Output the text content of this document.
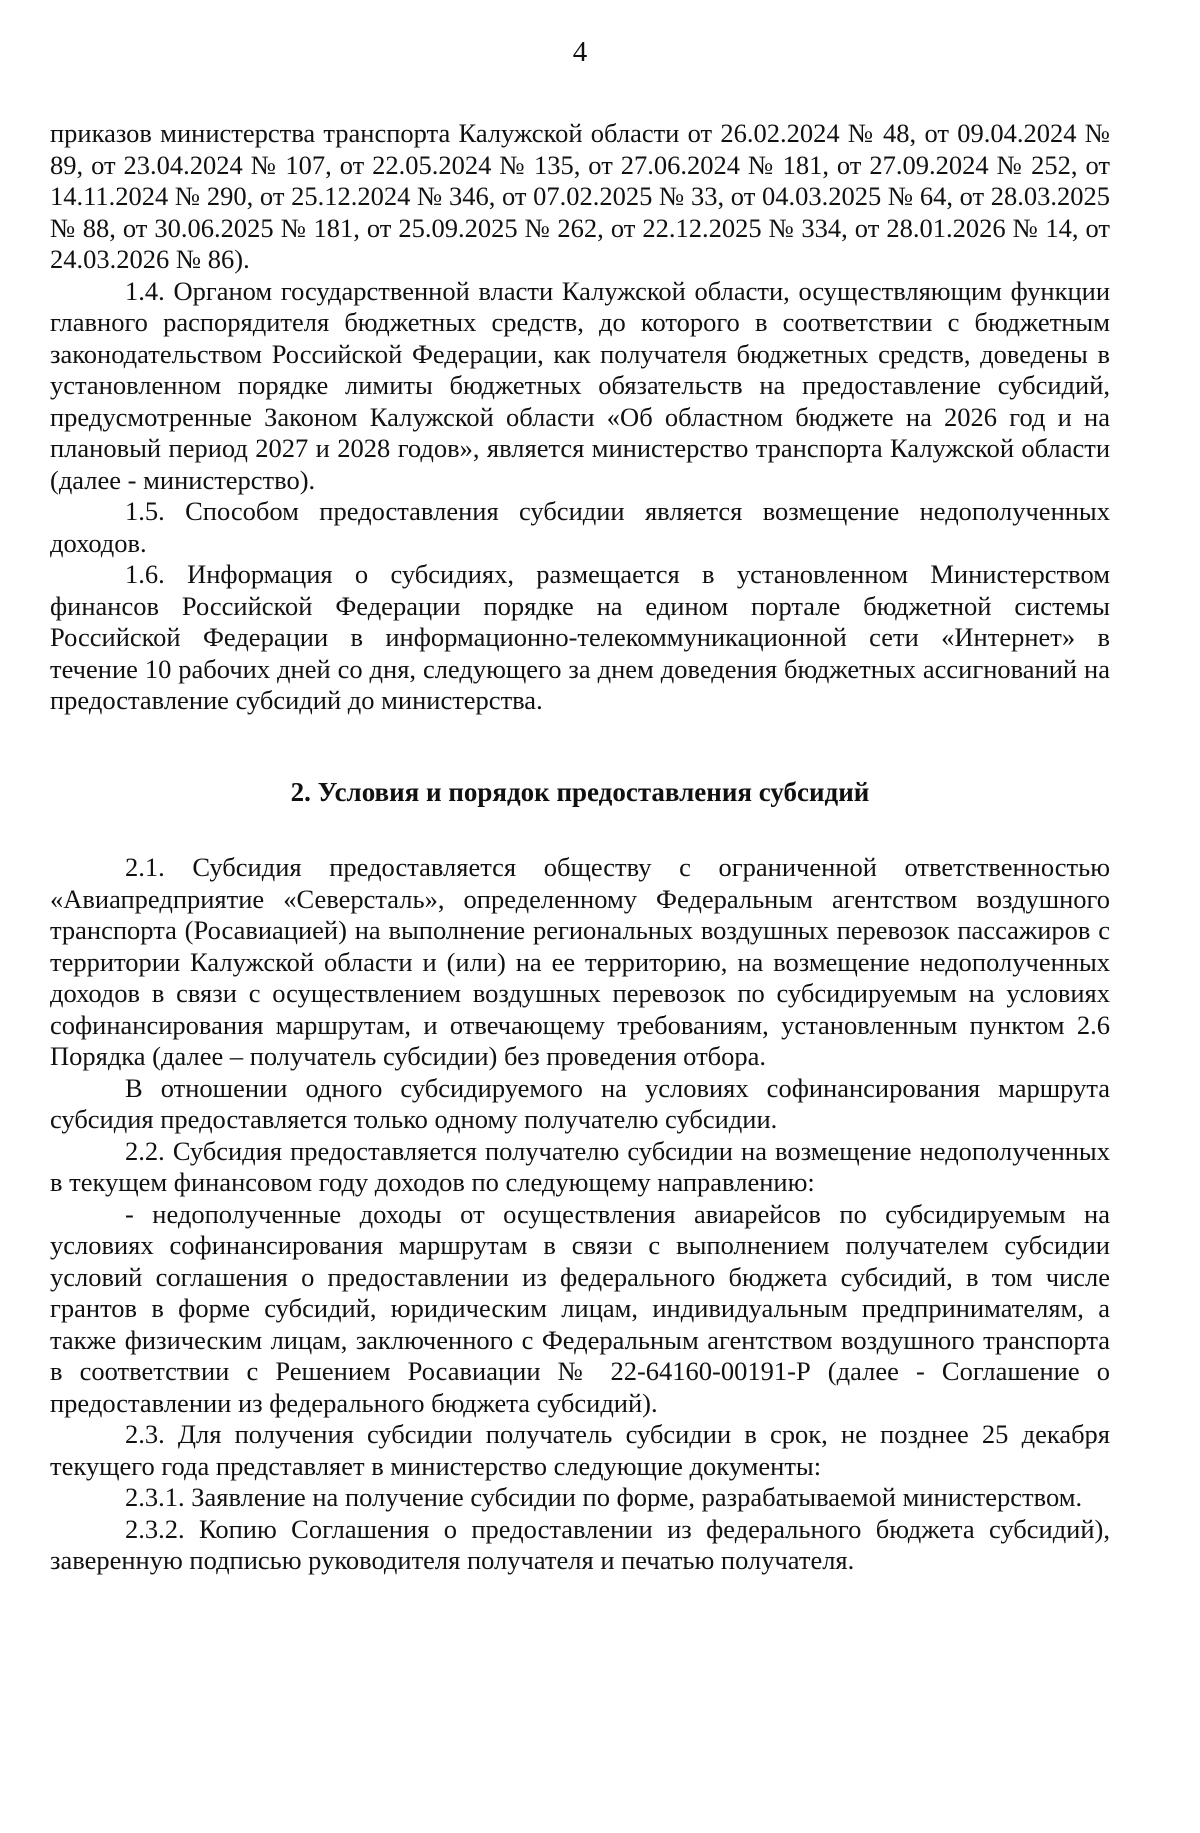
4

приказов министерства транспорта Калужской области от 26.02.2024 № 48, от 09.04.2024 № 89, от 23.04.2024 № 107, от 22.05.2024 № 135, от 27.06.2024 № 181, от 27.09.2024 № 252, от 14.11.2024 № 290, от 25.12.2024 № 346, от 07.02.2025 № 33, от 04.03.2025 № 64, от 28.03.2025 № 88, от 30.06.2025 № 181, от 25.09.2025 № 262, от 22.12.2025 № 334, от 28.01.2026 № 14, от 24.03.2026 № 86).

1.4. Органом государственной власти Калужской области, осуществляющим функции главного распорядителя бюджетных средств, до которого в соответствии с бюджетным законодательством Российской Федерации, как получателя бюджетных средств, доведены в установленном порядке лимиты бюджетных обязательств на предоставление субсидий, предусмотренные Законом Калужской области «Об областном бюджете на 2026 год и на плановый период 2027 и 2028 годов», является министерство транспорта Калужской области (далее - министерство).

1.5. Способом предоставления субсидии является возмещение недополученных доходов.

1.6. Информация о субсидиях, размещается в установленном Министерством финансов Российской Федерации порядке на едином портале бюджетной системы Российской Федерации в информационно-телекоммуникационной сети «Интернет» в течение 10 рабочих дней со дня, следующего за днем доведения бюджетных ассигнований на предоставление субсидий до министерства.

2. Условия и порядок предоставления субсидий

2.1. Субсидия предоставляется обществу с ограниченной ответственностью «Авиапредприятие «Северсталь», определенному Федеральным агентством воздушного транспорта (Росавиацией) на выполнение региональных воздушных перевозок пассажиров с территории Калужской области и (или) на ее территорию, на возмещение недополученных доходов в связи с осуществлением воздушных перевозок по субсидируемым на условиях софинансирования маршрутам, и отвечающему требованиям, установленным пунктом 2.6 Порядка (далее – получатель субсидии) без проведения отбора.

В отношении одного субсидируемого на условиях софинансирования маршрута субсидия предоставляется только одному получателю субсидии.

2.2. Субсидия предоставляется получателю субсидии на возмещение недополученных в текущем финансовом году доходов по следующему направлению:

- недополученные доходы от осуществления авиарейсов по субсидируемым на условиях софинансирования маршрутам в связи с выполнением получателем субсидии условий соглашения о предоставлении из федерального бюджета субсидий, в том числе грантов в форме субсидий, юридическим лицам, индивидуальным предпринимателям, а также физическим лицам, заключенного с Федеральным агентством воздушного транспорта в соответствии с Решением Росавиации № 22-64160-00191-Р (далее - Соглашение о предоставлении из федерального бюджета субсидий).

2.3. Для получения субсидии получатель субсидии в срок, не позднее 25 декабря текущего года представляет в министерство следующие документы:

2.3.1. Заявление на получение субсидии по форме, разрабатываемой министерством.

2.3.2. Копию Соглашения о предоставлении из федерального бюджета субсидий), заверенную подписью руководителя получателя и печатью получателя.
